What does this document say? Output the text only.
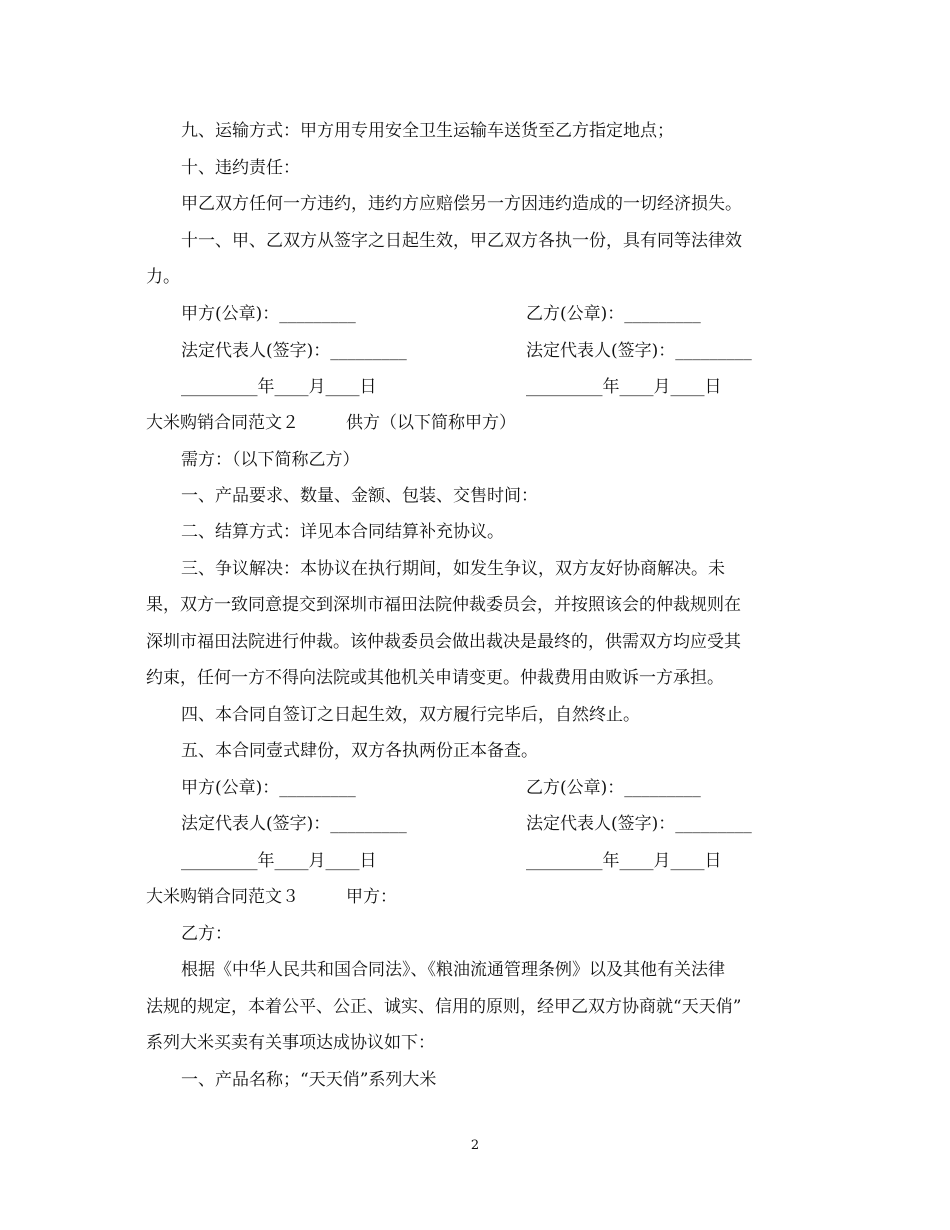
九、运输方式：甲方用专用安全卫生运输车送货至乙方指定地点；
十、违约责任：
甲乙双方任何一方违约，违约方应赔偿另一方因违约造成的一切经济损失。
十一、甲、乙双方从签字之日起生效，甲乙双方各执一份，具有同等法律效
力。
甲方(公章)：_________	乙方(公章)：_________
法定代表人(签字)：_________	法定代表人(签字)：_________
_________年____月____日	_________年____月____日
大米购销合同范文２	供方（以下简称甲方）
需方：（以下简称乙方）
一、产品要求、数量、金额、包装、交售时间：
二、结算方式：详见本合同结算补充协议。
三、争议解决：本协议在执行期间，如发生争议，双方友好协商解决。未
果，双方一致同意提交到深圳市福田法院仲裁委员会，并按照该会的仲裁规则在
深圳市福田法院进行仲裁。该仲裁委员会做出裁决是最终的，供需双方均应受其
约束，任何一方不得向法院或其他机关申请变更。仲裁费用由败诉一方承担。
四、本合同自签订之日起生效，双方履行完毕后，自然终止。
五、本合同壹式肆份，双方各执两份正本备查。
甲方(公章)：_________	乙方(公章)：_________
法定代表人(签字)：_________	法定代表人(签字)：_________
_________年____月____日	_________年____月____日
大米购销合同范文３	甲方：
乙方：
根据《中华人民共和国合同法》、《粮油流通管理条例》以及其他有关法律
法规的规定，本着公平、公正、诚实、信用的原则，经甲乙双方协商就“天天俏”
系列大米买卖有关事项达成协议如下：
一、产品名称；“天天俏”系列大米
2
